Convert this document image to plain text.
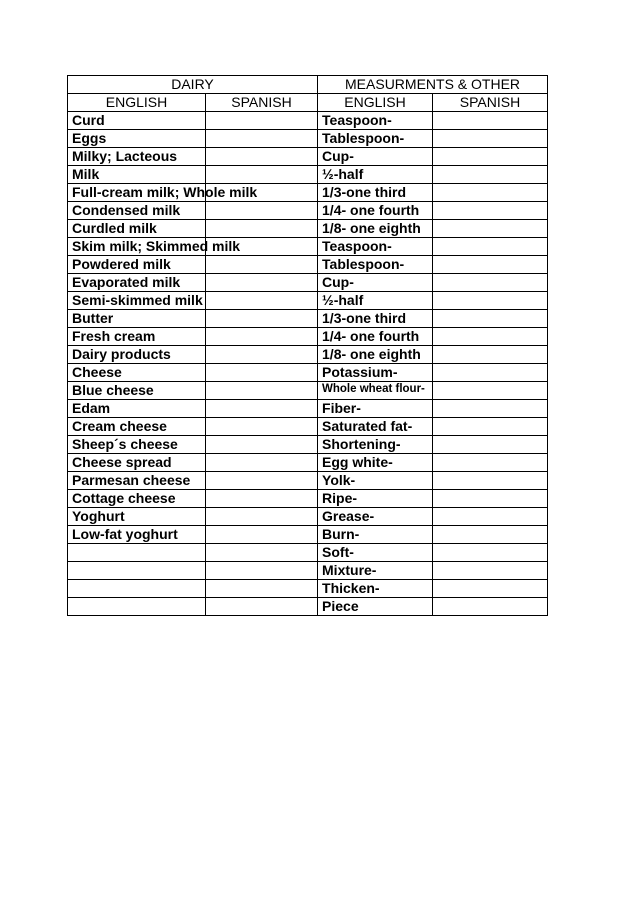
DAIRY		MEASURMENTS & OTHER	
ENGLISH	SPANISH	ENGLISH	SPANISH
Curd		Teaspoon-	
Eggs		Tablespoon-	
Milky; Lacteous		Cup-	
Milk		½-half	
Full-cream milk; Whole milk		1/3-one third	
Condensed milk		1/4- one fourth	
Curdled milk		1/8- one eighth	
Skim milk; Skimmed milk		Teaspoon-	
Powdered milk		Tablespoon-	
Evaporated milk		Cup-	
Semi-skimmed milk		½-half	
Butter		1/3-one third	
Fresh cream		1/4- one fourth	
Dairy products		1/8- one eighth	
Cheese		Potassium-	
Blue cheese		Whole wheat flour-	
Edam		Fiber-	
Cream cheese		Saturated fat-	
Sheep´s cheese		Shortening-	
Cheese spread		Egg white-	
Parmesan cheese		Yolk-	
Cottage cheese		Ripe-	
Yoghurt		Grease-	
Low-fat yoghurt		Burn-	
		Soft-	
		Mixture-	
		Thicken-	
		Piece	
